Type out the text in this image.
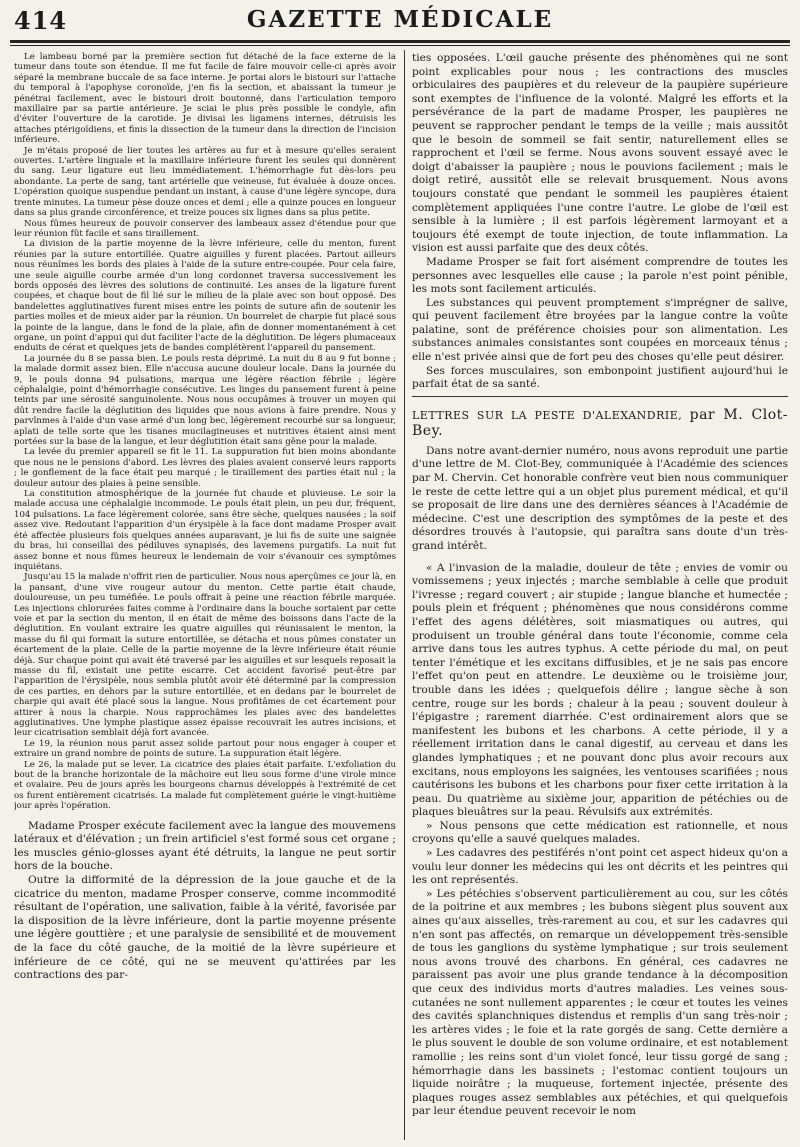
414	GAZETTE MÉDICALE

Le lambeau borné par la première section fut détaché de la face externe de la tumeur dans toute son étendue. Il me fut facile de faire mouvoir celle-ci après avoir séparé la membrane buccale de sa face interne. Je portai alors le bistouri sur l'attache du temporal à l'apophyse coronoïde, j'en fis la section, et abaissant la tumeur je pénétrai facilement, avec le bistouri droit boutonné, dans l'articulation temporo maxillaire par sa partie antérieure. Je sciai le plus près possible le condyle, afin d'éviter l'ouverture de la carotide. Je divisai les ligamens internes, détruisis les attaches ptérigoïdiens, et finis la dissection de la tumeur dans la direction de l'incision inférieure.

Je m'étais proposé de lier toutes les artères au fur et à mesure qu'elles seraient ouvertes. L'artère linguale et la maxillaire inférieure furent les seules qui donnèrent du sang. Leur ligature eut lieu immédiatement. L'hémorrhagie fut dès-lors peu abondante. La perte de sang, tant artérielle que veineuse, fut évaluée à douze onces. L'opération quoique suspendue pendant un instant, à cause d'une légère syncope, dura trente minutes. La tumeur pèse douze onces et demi ; elle a quinze pouces en longueur dans sa plus grande circonférence, et treize pouces six lignes dans sa plus petite.

Nous fûmes heureux de pouvoir conserver des lambeaux assez d'étendue pour que leur réunion fût facile et sans tiraillement.

La division de la partie moyenne de la lèvre inférieure, celle du menton, furent réunies par la suture entortillée. Quatre aiguilles y furent placées. Partout ailleurs nous réunîmes les bords des plaies à l'aide de la suture entre-coupée. Pour cela faire, une seule aiguille courbe armée d'un long cordonnet traversa successivement les bords opposés des lèvres des solutions de continuité. Les anses de la ligature furent coupées, et chaque bout de fil lié sur le milieu de la plaie avec son bout opposé. Des bandelettes agglutinatives furent mises entre les points de suture afin de soutenir les parties molles et de mieux aider par la réunion. Un bourrelet de charpie fut placé sous la pointe de la langue, dans le fond de la plaie, afin de donner momentanément à cet organe, un point d'appui qui dut faciliter l'acte de la déglutition. De légers plumaceaux enduits de cérat et quelques jets de bandes complétèrent l'appareil du pansement.

La journée du 8 se passa bien. Le pouls resta déprimé. La nuit du 8 au 9 fut bonne ; la malade dormit assez bien. Elle n'accusa aucune douleur locale. Dans la journée du 9, le pouls donna 94 pulsations, marqua une légère réaction fébrile ; légère céphalalgie, point d'hémorrhagie consécutive. Les linges du pansement furent à peine teints par une sérosité sanguinolente. Nous nous occupâmes à trouver un moyen qui dût rendre facile la déglutition des liquides que nous avions à faire prendre. Nous y parvînmes à l'aide d'un vase armé d'un long bec, légèrement recourbé sur sa longueur, aplati de telle sorte que les tisanes mucilagineuses et nutritives étaient ainsi ment portées sur la base de la langue, et leur déglutition était sans gêne pour la malade.

La levée du premier appareil se fit le 11. La suppuration fut bien moins abondante que nous ne le pensions d'abord. Les lèvres des plaies avaient conservé leurs rapports ; le gonflement de la face était peu marqué ; le tiraillement des parties était nul ; la douleur autour des plaies à peine sensible.

La constitution atmosphérique de la journée fut chaude et pluvieuse. Le soir la malade accusa une céphalalgie incommode. Le pouls était plein, un peu dur, fréquent, 104 pulsations. La face légèrement colorée, sans être sèche, quelques nausées ; la soif assez vive. Redoutant l'apparition d'un érysipèle à la face dont madame Prosper avait été affectée plusieurs fois quelques années auparavant, je lui fis de suite une saignée du bras, lui conseillai des pédiluves synapisés, des lavemens purgatifs. La nuit fut assez bonne et nous fûmes heureux le lendemain de voir s'évanouir ces symptômes inquiétans.

Jusqu'au 15 la malade n'offrit rien de particulier. Nous nous aperçûmes ce jour là, en la pansant, d'une vive rougeur autour du menton. Cette partie était chaude, douloureuse, un peu tuméfiée. Le pouls offrait à peine une réaction fébrile marquée. Les injections chlorurées faites comme à l'ordinaire dans la bouche sortaient par cette voie et par la section du menton, il en était de même des boissons dans l'acte de la déglutition. En voulant extraire les quatre aiguilles qui réunissaient le menton, la masse du fil qui formait la suture entortillée, se détacha et nous pûmes constater un écartement de la plaie. Celle de la partie moyenne de la lèvre inférieure était réunie déjà. Sur chaque point qui avait été traversé par les aiguilles et sur lesquels reposait la masse du fil, existait une petite escarre. Cet accident favorisé peut-être par l'apparition de l'érysipèle, nous sembla plutôt avoir été déterminé par la compression de ces parties, en dehors par la suture entortillée, et en dedans par le bourrelet de charpie qui avait été placé sous la langue. Nous profitâmes de cet écartement pour attirer à nous la charpie. Nous rapprochâmes les plaies avec des bandelettes agglutinatives. Une lymphe plastique assez épaisse recouvrait les autres incisions, et leur cicatrisation semblait déjà fort avancée.

Le 19, la réunion nous parut assez solide partout pour nous engager à couper et extraire un grand nombre de points de suture. La suppuration était légère.

Le 26, la malade put se lever. La cicatrice des plaies était parfaite. L'exfoliation du bout de la branche horizontale de la mâchoire eut lieu sous forme d'une virole mince et ovalaire. Peu de jours après les bourgeons charnus développés à l'extrémité de cet os furent entièrement cicatrisés. La malade fut complètement guérie le vingt-huitième jour après l'opération.

Madame Prosper exécute facilement avec la langue des mouvemens latéraux et d'élévation ; un frein artificiel s'est formé sous cet organe ; les muscles génio-glosses ayant été détruits, la langue ne peut sortir hors de la bouche.

Outre la difformité de la dépression de la joue gauche et de la cicatrice du menton, madame Prosper conserve, comme incommodité résultant de l'opération, une salivation, faible à la vérité, favorisée par la disposition de la lèvre inférieure, dont la partie moyenne présente une légère gouttière ; et une paralysie de sensibilité et de mouvement de la face du côté gauche, de la moitié de la lèvre supérieure et inférieure de ce côté, qui ne se meuvent qu'attirées par les contractions des par-

ties opposées. L'œil gauche présente des phénomènes qui ne sont point explicables pour nous ; les contractions des muscles orbiculaires des paupières et du releveur de la paupière supérieure sont exemptes de l'influence de la volonté. Malgré les efforts et la persévérance de la part de madame Prosper, les paupières ne peuvent se rapprocher pendant le temps de la veille ; mais aussitôt que le besoin de sommeil se fait sentir, naturellement elles se rapprochent et l'œil se ferme. Nous avons souvent essayé avec le doigt d'abaisser la paupière ; nous le pouvions facilement ; mais le doigt retiré, aussitôt elle se relevait brusquement. Nous avons toujours constaté que pendant le sommeil les paupières étaient complètement appliquées l'une contre l'autre. Le globe de l'œil est sensible à la lumière ; il est parfois légèrement larmoyant et a toujours été exempt de toute injection, de toute inflammation. La vision est aussi parfaite que des deux côtés.

Madame Prosper se fait fort aisément comprendre de toutes les personnes avec lesquelles elle cause ; la parole n'est point pénible, les mots sont facilement articulés.

Les substances qui peuvent promptement s'imprégner de salive, qui peuvent facilement être broyées par la langue contre la voûte palatine, sont de préférence choisies pour son alimentation. Les substances animales consistantes sont coupées en morceaux ténus ; elle n'est privée ainsi que de fort peu des choses qu'elle peut désirer.

Ses forces musculaires, son embonpoint justifient aujourd'hui le parfait état de sa santé.

LETTRES SUR LA PESTE D'ALEXANDRIE, par M. Clot-Bey.

Dans notre avant-dernier numéro, nous avons reproduit une partie d'une lettre de M. Clot-Bey, communiquée à l'Académie des sciences par M. Chervin. Cet honorable confrère veut bien nous communiquer le reste de cette lettre qui a un objet plus purement médical, et qu'il se proposait de lire dans une des dernières séances à l'Académie de médecine. C'est une description des symptômes de la peste et des désordres trouvés à l'autopsie, qui paraîtra sans doute d'un très-grand intérêt.

« A l'invasion de la maladie, douleur de tête ; envies de vomir ou vomissemens ; yeux injectés ; marche semblable à celle que produit l'ivresse ; regard couvert ; air stupide ; langue blanche et humectée ; pouls plein et fréquent ; phénomènes que nous considérons comme l'effet des agens délétères, soit miasmatiques ou autres, qui produisent un trouble général dans toute l'économie, comme cela arrive dans tous les autres typhus. A cette période du mal, on peut tenter l'émétique et les excitans diffusibles, et je ne sais pas encore l'effet qu'on peut en attendre. Le deuxième ou le troisième jour, trouble dans les idées ; quelquefois délire ; langue sèche à son centre, rouge sur les bords ; chaleur à la peau ; souvent douleur à l'épigastre ; rarement diarrhée. C'est ordinairement alors que se manifestent les bubons et les charbons. A cette période, il y a réellement irritation dans le canal digestif, au cerveau et dans les glandes lymphatiques ; et ne pouvant donc plus avoir recours aux excitans, nous employons les saignées, les ventouses scarifiées ; nous cautérisons les bubons et les charbons pour fixer cette irritation à la peau. Du quatrième au sixième jour, apparition de pétéchies ou de plaques bleuâtres sur la peau. Révulsifs aux extrémités.

» Nous pensons que cette médication est rationnelle, et nous croyons qu'elle a sauvé quelques malades.

» Les cadavres des pestiférés n'ont point cet aspect hideux qu'on a voulu leur donner les médecins qui les ont décrits et les peintres qui les ont représentés.

» Les pétéchies s'observent particulièrement au cou, sur les côtés de la poitrine et aux membres ; les bubons siègent plus souvent aux aines qu'aux aisselles, très-rarement au cou, et sur les cadavres qui n'en sont pas affectés, on remarque un développement très-sensible de tous les ganglions du système lymphatique ; sur trois seulement nous avons trouvé des charbons. En général, ces cadavres ne paraissent pas avoir une plus grande tendance à la décomposition que ceux des individus morts d'autres maladies. Les veines sous-cutanées ne sont nullement apparentes ; le cœur et toutes les veines des cavités splanchniques distendus et remplis d'un sang très-noir ; les artères vides ; le foie et la rate gorgés de sang. Cette dernière a le plus souvent le double de son volume ordinaire, et est notablement ramollie ; les reins sont d'un violet foncé, leur tissu gorgé de sang ; hémorrhagie dans les bassinets ; l'estomac contient toujours un liquide noirâtre ; la muqueuse, fortement injectée, présente des plaques rouges assez semblables aux pétéchies, et qui quelquefois par leur étendue peuvent recevoir le nom
